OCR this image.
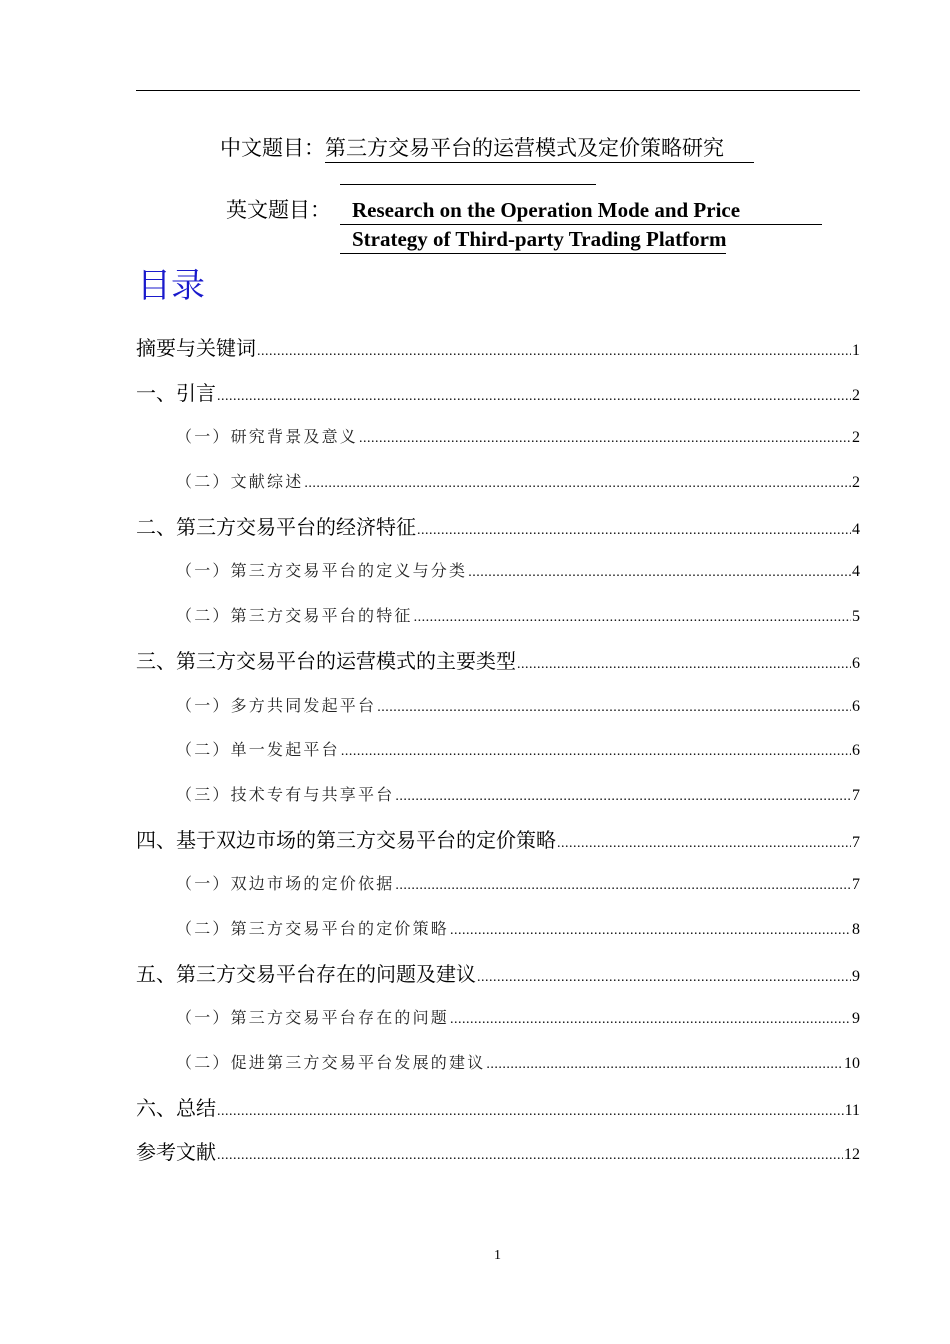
中文题目：第三方交易平台的运营模式及定价策略研究
英文题目：	Research on the Operation Mode and Price
Strategy of Third-party Trading Platform
目录
摘要与关键词 .....	1
一、引言 .....	2
（一）研究背景及意义 .....	2
（二）文献综述 .....	2
二、第三方交易平台的经济特征 .....	4
（一）第三方交易平台的定义与分类 .....	4
（二）第三方交易平台的特征 .....	5
三、第三方交易平台的运营模式的主要类型 .....	6
（一）多方共同发起平台 .....	6
（二）单一发起平台 .....	6
（三）技术专有与共享平台 .....	7
四、基于双边市场的第三方交易平台的定价策略 .....	7
（一）双边市场的定价依据 .....	7
（二）第三方交易平台的定价策略 .....	8
五、第三方交易平台存在的问题及建议 .....	9
（一）第三方交易平台存在的问题 .....	9
（二）促进第三方交易平台发展的建议 .....	10
六、总结 .....	11
参考文献 .....	12
1
